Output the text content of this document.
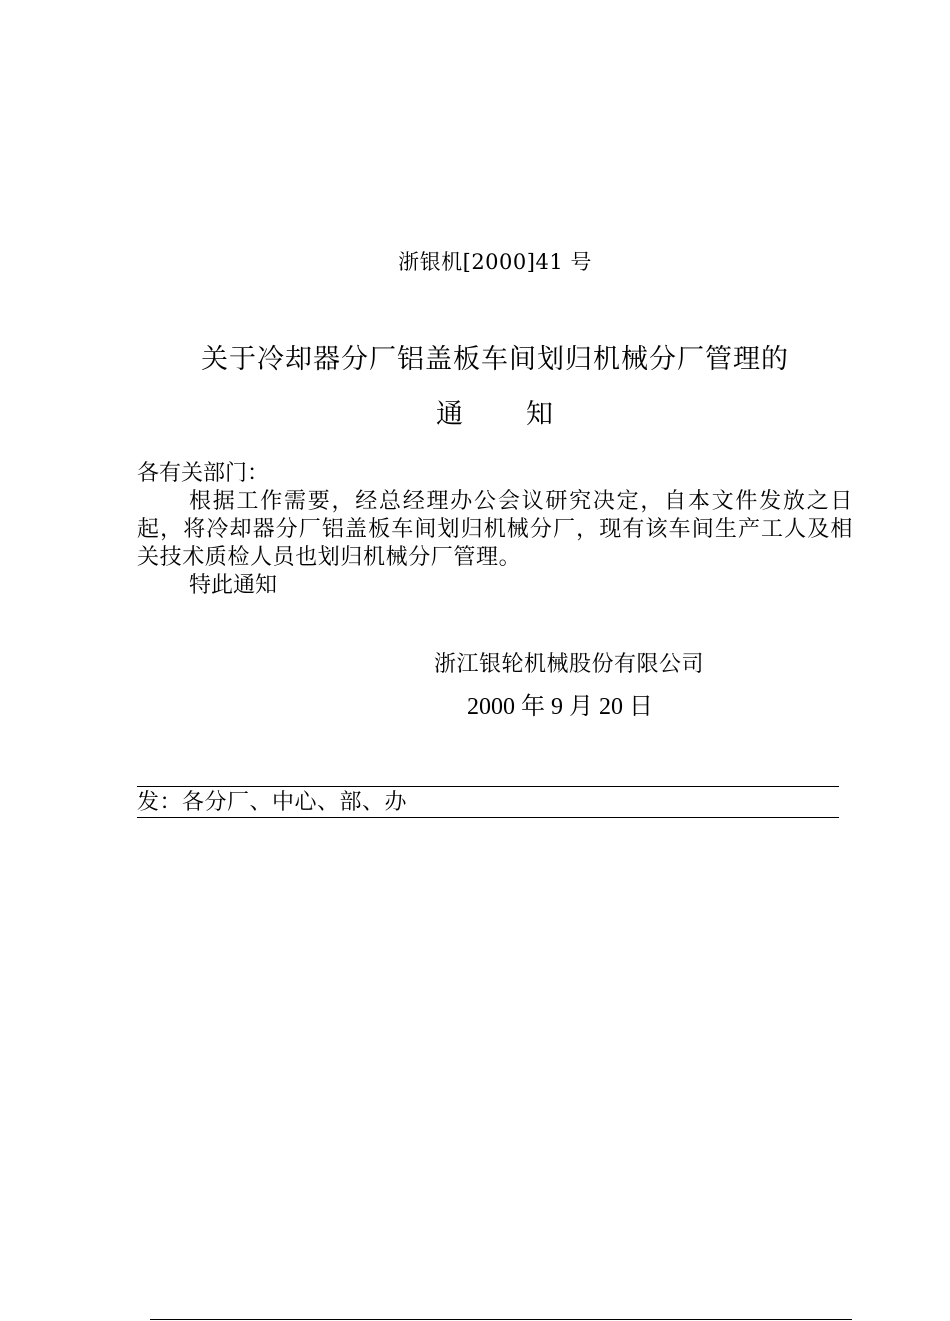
浙银机[2000]41 号
关于冷却器分厂铝盖板车间划归机械分厂管理的
通 知

各有关部门：

根据工作需要，经总经理办公会议研究决定，自本文件发放之日起，将冷却器分厂铝盖板车间划归机械分厂，现有该车间生产工人及相关技术质检人员也划归机械分厂管理。

特此通知

浙江银轮机械股份有限公司
2000 年 9 月 20 日
发：各分厂、中心、部、办
